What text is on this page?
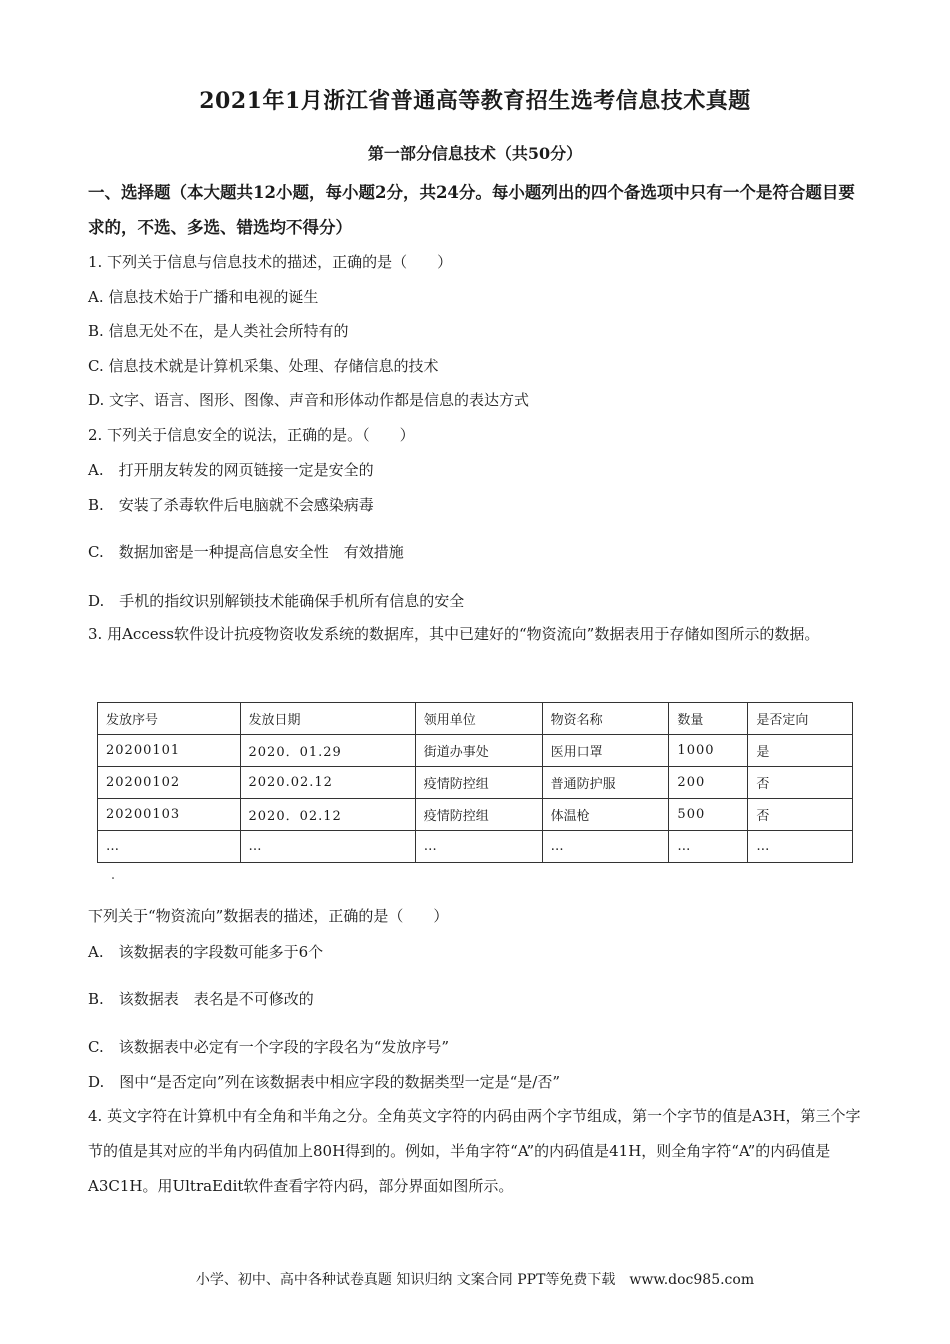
2021年1月浙江省普通高等教育招生选考信息技术真题
第一部分信息技术（共50分）
一、选择题（本大题共12小题，每小题2分，共24分。每小题列出的四个备选项中只有一个是符合题目要求的，不选、多选、错选均不得分）
1. 下列关于信息与信息技术的描述，正确的是（　　）
A. 信息技术始于广播和电视的诞生
B. 信息无处不在，是人类社会所特有的
C. 信息技术就是计算机采集、处理、存储信息的技术
D. 文字、语言、图形、图像、声音和形体动作都是信息的表达方式
2. 下列关于信息安全的说法，正确的是。（　　）
A.　打开朋友转发的网页链接一定是安全的
B.　安装了杀毒软件后电脑就不会感染病毒
C.　数据加密是一种提高信息安全性　有效措施
D.　手机的指纹识别解锁技术能确保手机所有信息的安全
3. 用Access软件设计抗疫物资收发系统的数据库，其中已建好的“物资流向”数据表用于存储如图所示的数据。
发放序号	发放日期	领用单位	物资名称	数量	是否定向
20200101	2020．01.29	街道办事处	医用口罩	1000	是
20200102	2020.02.12	疫情防控组	普通防护服	200	否
20200103	2020．02.12	疫情防控组	体温枪	500	否
…	…	…	…	…	…
・
下列关于“物资流向”数据表的描述，正确的是（　　）
A.　该数据表的字段数可能多于6个
B.　该数据表　表名是不可修改的
C.　该数据表中必定有一个字段的字段名为“发放序号”
D.　图中“是否定向”列在该数据表中相应字段的数据类型一定是“是/否”
4. 英文字符在计算机中有全角和半角之分。全角英文字符的内码由两个字节组成，第一个字节的值是A3H，第三个字节的值是其对应的半角内码值加上80H得到的。例如，半角字符“A”的内码值是41H，则全角字符“A”的内码值是A3C1H。用UltraEdit软件查看字符内码，部分界面如图所示。
小学、初中、高中各种试卷真题 知识归纳 文案合同 PPT等免费下载　www.doc985.com
